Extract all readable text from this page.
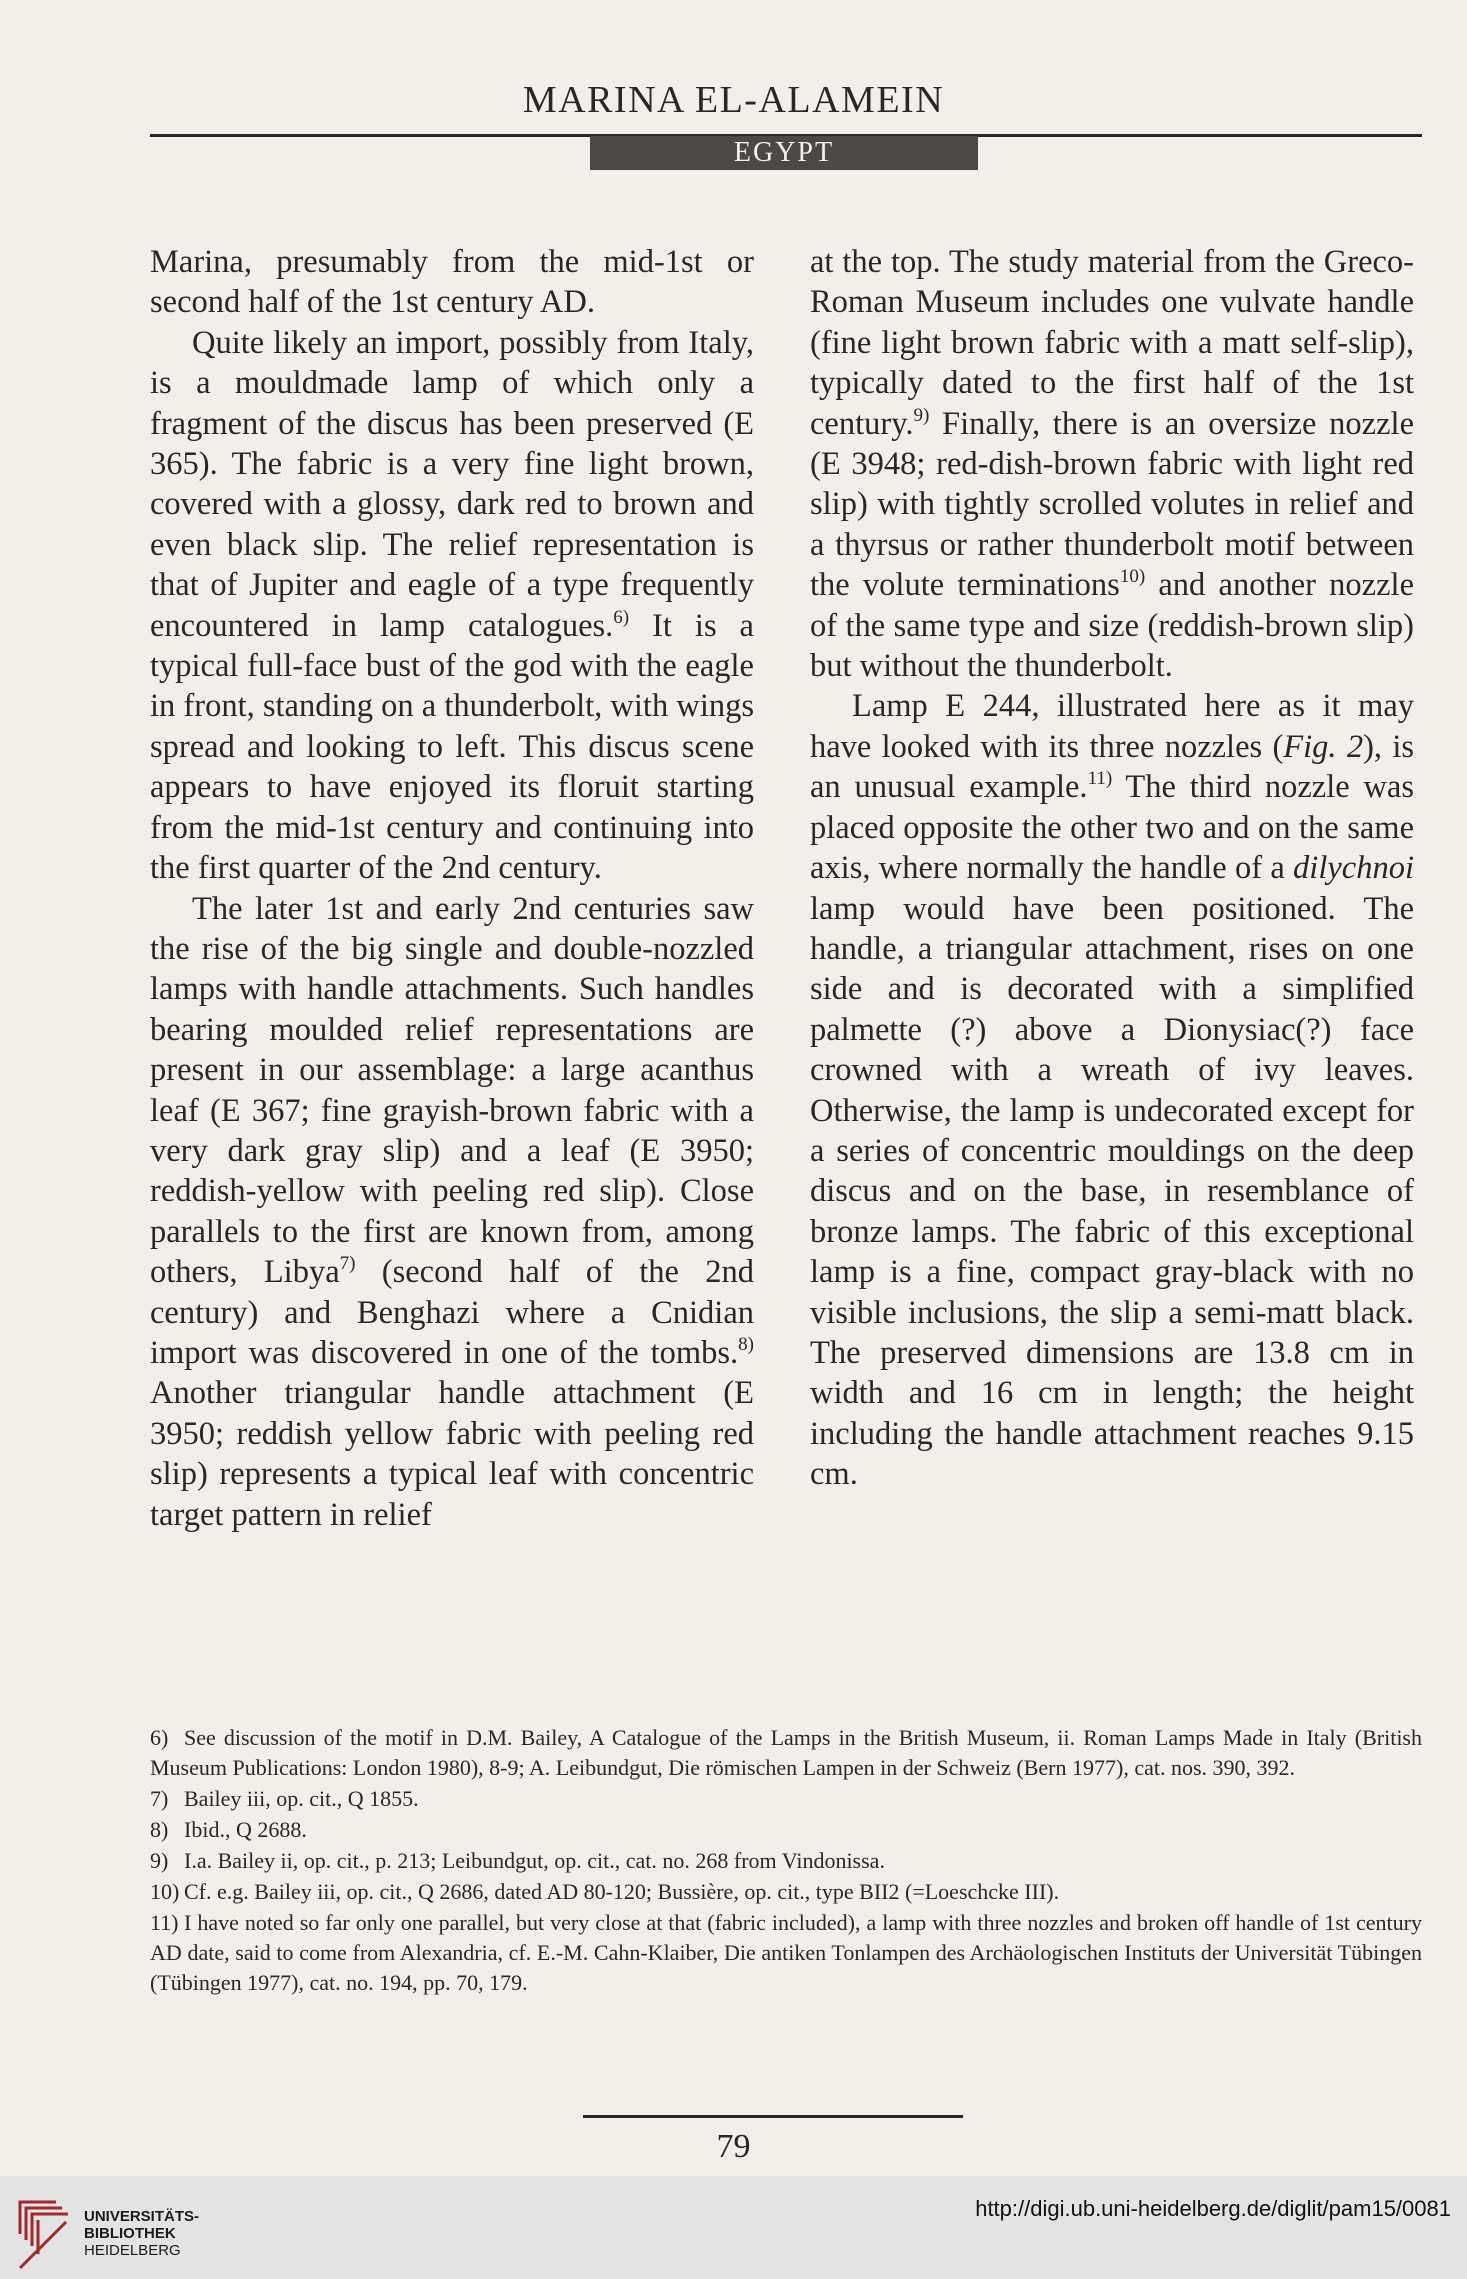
MARINA EL-ALAMEIN
EGYPT

Marina, presumably from the mid-1st or second half of the 1st century AD.

Quite likely an import, possibly from Italy, is a mouldmade lamp of which only a fragment of the discus has been preserved (E 365). The fabric is a very fine light brown, covered with a glossy, dark red to brown and even black slip. The relief representation is that of Jupiter and eagle of a type frequently encountered in lamp catalogues.$^{6)}$ It is a typical full-face bust of the god with the eagle in front, standing on a thunderbolt, with wings spread and looking to left. This discus scene appears to have enjoyed its floruit starting from the mid-1st century and continuing into the first quarter of the 2nd century.

The later 1st and early 2nd centuries saw the rise of the big single and double-nozzled lamps with handle attachments. Such handles bearing moulded relief representations are present in our assemblage: a large acanthus leaf (E 367; fine grayish-brown fabric with a very dark gray slip) and a leaf (E 3950; reddish-yellow with peeling red slip). Close parallels to the first are known from, among others, Libya$^{7)}$ (second half of the 2nd century) and Benghazi where a Cnidian import was discovered in one of the tombs.$^{8)}$ Another triangular handle attachment (E 3950; reddish yellow fabric with peeling red slip) represents a typical leaf with concentric target pattern in relief

at the top. The study material from the Greco-Roman Museum includes one vulvate handle (fine light brown fabric with a matt self-slip), typically dated to the first half of the 1st century.$^{9)}$ Finally, there is an oversize nozzle (E 3948; red-dish-brown fabric with light red slip) with tightly scrolled volutes in relief and a thyrsus or rather thunderbolt motif between the volute terminations$^{10)}$ and another nozzle of the same type and size (reddish-brown slip) but without the thunderbolt.

Lamp E 244, illustrated here as it may have looked with its three nozzles (Fig. 2), is an unusual example.$^{11)}$ The third nozzle was placed opposite the other two and on the same axis, where normally the handle of a dilychnoi lamp would have been positioned. The handle, a triangular attachment, rises on one side and is decorated with a simplified palmette (?) above a Dionysiac(?) face crowned with a wreath of ivy leaves. Otherwise, the lamp is undecorated except for a series of concentric mouldings on the deep discus and on the base, in resemblance of bronze lamps. The fabric of this exceptional lamp is a fine, compact gray-black with no visible inclusions, the slip a semi-matt black. The preserved dimensions are 13.8 cm in width and 16 cm in length; the height including the handle attachment reaches 9.15 cm.

6) See discussion of the motif in D.M. Bailey, A Catalogue of the Lamps in the British Museum, ii. Roman Lamps Made in Italy (British Museum Publications: London 1980), 8-9; A. Leibundgut, Die römischen Lampen in der Schweiz (Bern 1977), cat. nos. 390, 392.

7) Bailey iii, op. cit., Q 1855.

8) Ibid., Q 2688.

9) I.a. Bailey ii, op. cit., p. 213; Leibundgut, op. cit., cat. no. 268 from Vindonissa.

10) Cf. e.g. Bailey iii, op. cit., Q 2686, dated AD 80-120; Bussière, op. cit., type BII2 (=Loeschcke III).

11) I have noted so far only one parallel, but very close at that (fabric included), a lamp with three nozzles and broken off handle of 1st century AD date, said to come from Alexandria, cf. E.-M. Cahn-Klaiber, Die antiken Tonlampen des Archäologischen Instituts der Universität Tübingen (Tübingen 1977), cat. no. 194, pp. 70, 179.

79
UNIVERSITÄTS-
BIBLIOTHEK
HEIDELBERG
http://digi.ub.uni-heidelberg.de/diglit/pam15/0081
